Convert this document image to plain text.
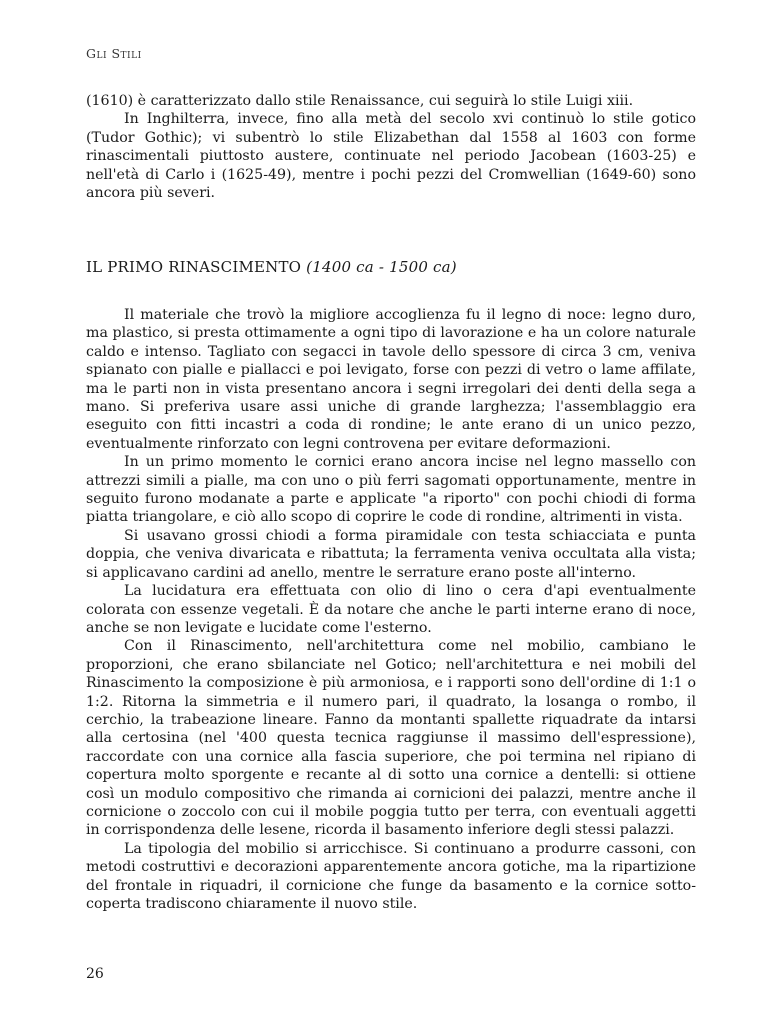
Gli Stili

(1610) è caratterizzato dallo stile Renaissance, cui seguirà lo stile Luigi xiii.

In Inghilterra, invece, fino alla metà del secolo xvi continuò lo stile gotico (Tudor Gothic); vi subentrò lo stile Elizabethan dal 1558 al 1603 con forme rinascimentali piuttosto austere, continuate nel periodo Jacobean (1603-25) e nell'età di Carlo i (1625-49), mentre i pochi pezzi del Cromwellian (1649-60) sono ancora più severi.

IL PRIMO RINASCIMENTO (1400 ca - 1500 ca)

Il materiale che trovò la migliore accoglienza fu il legno di noce: legno duro, ma plastico, si presta ottimamente a ogni tipo di lavorazione e ha un colore naturale caldo e intenso. Tagliato con segacci in tavole dello spessore di circa 3 cm, veniva spianato con pialle e piallacci e poi levigato, forse con pezzi di vetro o lame affilate, ma le parti non in vista presentano ancora i segni irregolari dei denti della sega a mano. Si preferiva usare assi uniche di grande larghezza; l'assemblaggio era eseguito con fitti incastri a coda di rondine; le ante erano di un unico pezzo, eventualmente rinforzato con legni controvena per evitare deformazioni.

In un primo momento le cornici erano ancora incise nel legno massello con attrezzi simili a pialle, ma con uno o più ferri sagomati opportunamente, mentre in seguito furono modanate a parte e applicate "a riporto" con pochi chiodi di forma piatta triangolare, e ciò allo scopo di coprire le code di rondine, altrimenti in vista.

Si usavano grossi chiodi a forma piramidale con testa schiacciata e punta doppia, che veniva divaricata e ribattuta; la ferramenta veniva occultata alla vista; si applicavano cardini ad anello, mentre le serrature erano poste all'interno.

La lucidatura era effettuata con olio di lino o cera d'api eventualmente colorata con essenze vegetali. È da notare che anche le parti interne erano di noce, anche se non levigate e lucidate come l'esterno.

Con il Rinascimento, nell'architettura come nel mobilio, cambiano le proporzioni, che erano sbilanciate nel Gotico; nell'architettura e nei mobili del Rinascimento la composizione è più armoniosa, e i rapporti sono dell'ordine di 1:1 o 1:2. Ritorna la simmetria e il numero pari, il quadrato, la losanga o rombo, il cerchio, la trabeazione lineare. Fanno da montanti spallette riquadrate da intarsi alla certosina (nel '400 questa tecnica raggiunse il massimo dell'espressione), raccordate con una cornice alla fascia superiore, che poi termina nel ripiano di copertura molto sporgente e recante al di sotto una cornice a dentelli: si ottiene così un modulo compositivo che rimanda ai cornicioni dei palazzi, mentre anche il cornicione o zoccolo con cui il mobile poggia tutto per terra, con eventuali aggetti in corrispondenza delle lesene, ricorda il basamento inferiore degli stessi palazzi.

La tipologia del mobilio si arricchisce. Si continuano a produrre cassoni, con metodi costruttivi e decorazioni apparentemente ancora gotiche, ma la ripartizione del frontale in riquadri, il cornicione che funge da basamento e la cornice sotto-coperta tradiscono chiaramente il nuovo stile.

26
